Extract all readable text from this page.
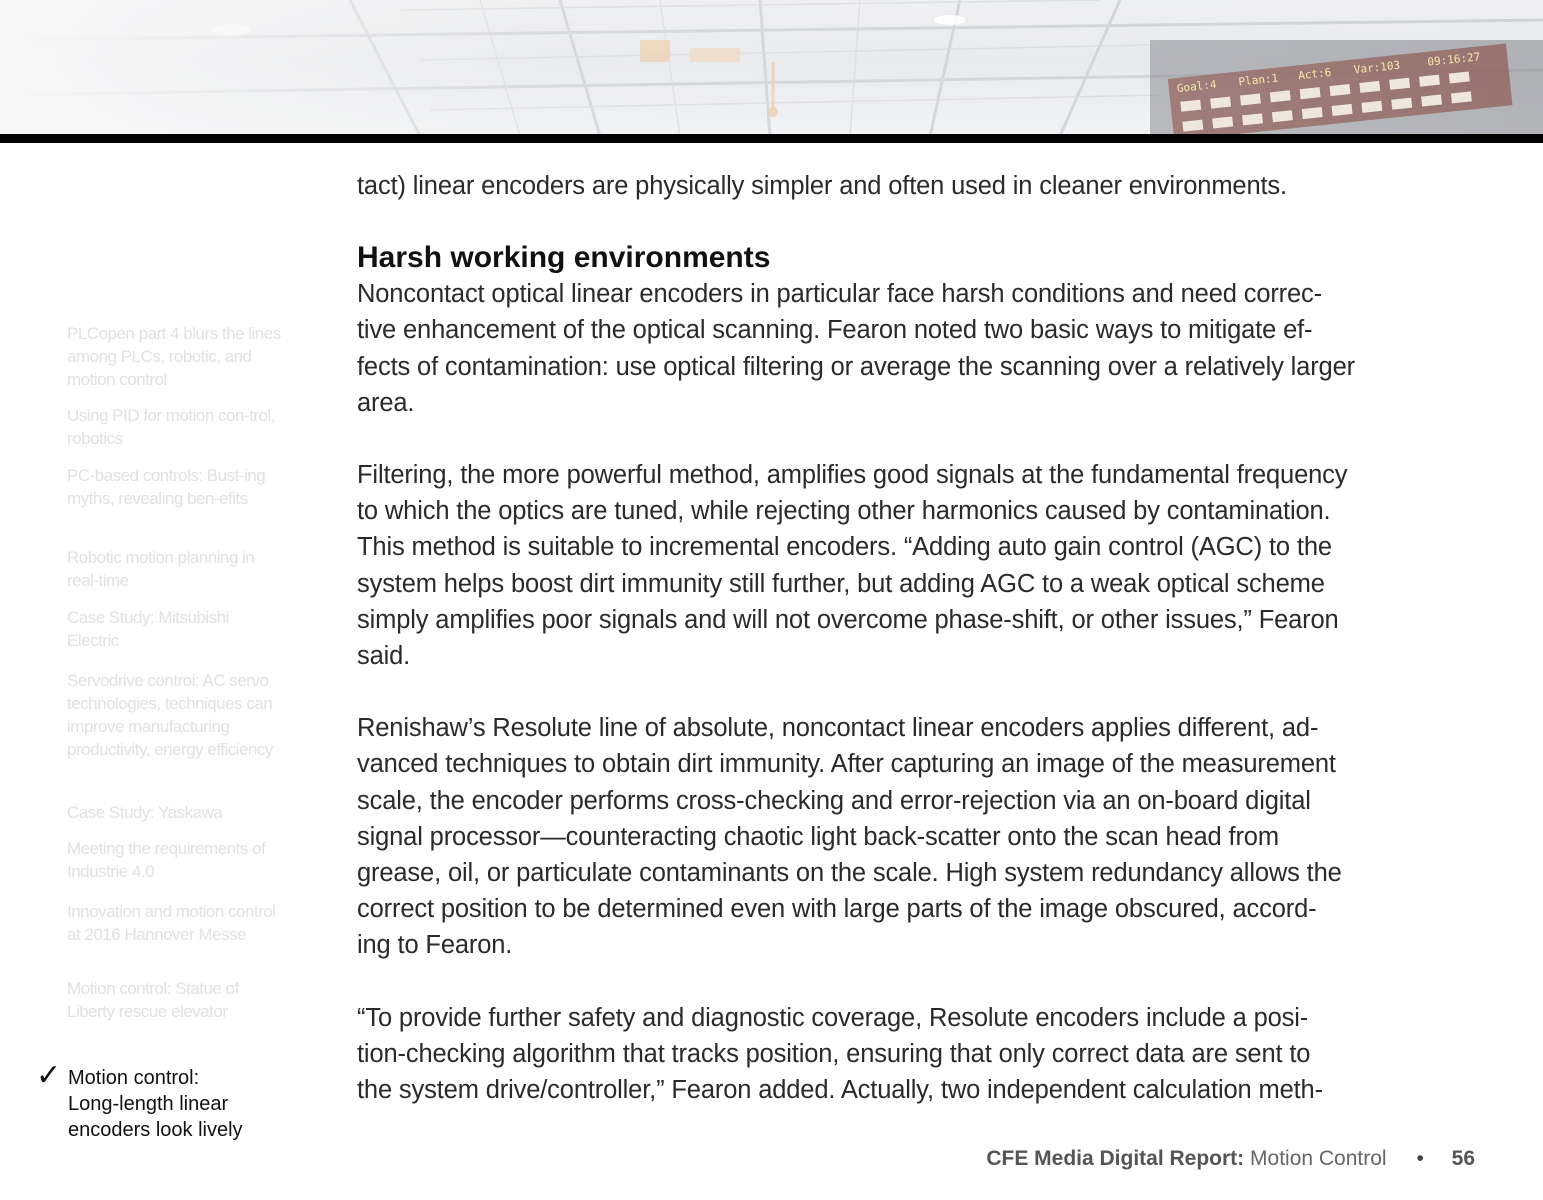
PLCopen part 4 blurs the lines among PLCs, robotic, and motion control
Using PID for motion con-trol, robotics
PC-based controls: Bust-ing myths, revealing ben-efits
Robotic motion planning in real-time
Case Study: Mitsubishi Electric
Servodrive control: AC servo technologies, techniques can improve manufacturing productivity, energy efficiency
Case Study: Yaskawa
Meeting the requirements of Industrie 4.0
Innovation and motion control at 2016 Hannover Messe
Motion control: Statue of Liberty rescue elevator
✓ Motion control:
Long-length linear
encoders look lively

tact) linear encoders are physically simpler and often used in cleaner environments.

Harsh working environments

Noncontact optical linear encoders in particular face harsh conditions and need correc-
tive enhancement of the optical scanning. Fearon noted two basic ways to mitigate ef-
fects of contamination: use optical filtering or average the scanning over a relatively larger
area.

Filtering, the more powerful method, amplifies good signals at the fundamental frequency
to which the optics are tuned, while rejecting other harmonics caused by contamination.
This method is suitable to incremental encoders. “Adding auto gain control (AGC) to the
system helps boost dirt immunity still further, but adding AGC to a weak optical scheme
simply amplifies poor signals and will not overcome phase-shift, or other issues,” Fearon
said.

Renishaw’s Resolute line of absolute, noncontact linear encoders applies different, ad-
vanced techniques to obtain dirt immunity. After capturing an image of the measurement
scale, the encoder performs cross-checking and error-rejection via an on-board digital
signal processor—counteracting chaotic light back-scatter onto the scan head from
grease, oil, or particulate contaminants on the scale. High system redundancy allows the
correct position to be determined even with large parts of the image obscured, accord-
ing to Fearon.

“To provide further safety and diagnostic coverage, Resolute encoders include a posi-
tion-checking algorithm that tracks position, ensuring that only correct data are sent to
the system drive/controller,” Fearon added. Actually, two independent calculation meth-

CFE Media Digital Report: Motion Control • 56
